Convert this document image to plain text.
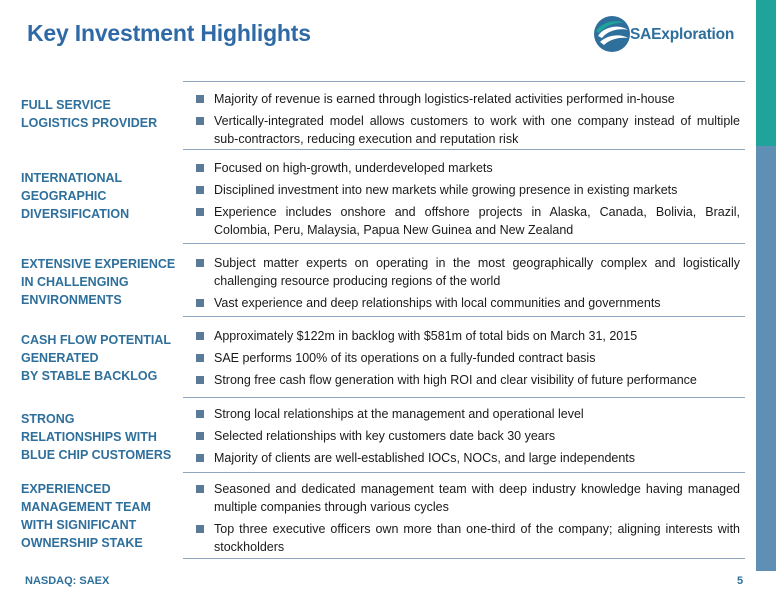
Key Investment Highlights	SAExploration
FULL SERVICE
LOGISTICS PROVIDER
Majority of revenue is earned through logistics-related activities performed in-house
Vertically-integrated model allows customers to work with one company instead of multiple sub-contractors, reducing execution and reputation risk
INTERNATIONAL
GEOGRAPHIC
DIVERSIFICATION
Focused on high-growth, underdeveloped markets
Disciplined investment into new markets while growing presence in existing markets
Experience includes onshore and offshore projects in Alaska, Canada, Bolivia, Brazil, Colombia, Peru, Malaysia, Papua New Guinea and New Zealand
EXTENSIVE EXPERIENCE
IN CHALLENGING
ENVIRONMENTS
Subject matter experts on operating in the most geographically complex and logistically challenging resource producing regions of the world
Vast experience and deep relationships with local communities and governments
CASH FLOW POTENTIAL
GENERATED
BY STABLE BACKLOG
Approximately $122m in backlog with $581m of total bids on March 31, 2015
SAE performs 100% of its operations on a fully-funded contract basis
Strong free cash flow generation with high ROI and clear visibility of future performance
STRONG
RELATIONSHIPS WITH
BLUE CHIP CUSTOMERS
Strong local relationships at the management and operational level
Selected relationships with key customers date back 30 years
Majority of clients are well-established IOCs, NOCs, and large independents
EXPERIENCED
MANAGEMENT TEAM
WITH SIGNIFICANT
OWNERSHIP STAKE
Seasoned and dedicated management team with deep industry knowledge having managed multiple companies through various cycles
Top three executive officers own more than one-third of the company; aligning interests with stockholders
NASDAQ: SAEX	5
